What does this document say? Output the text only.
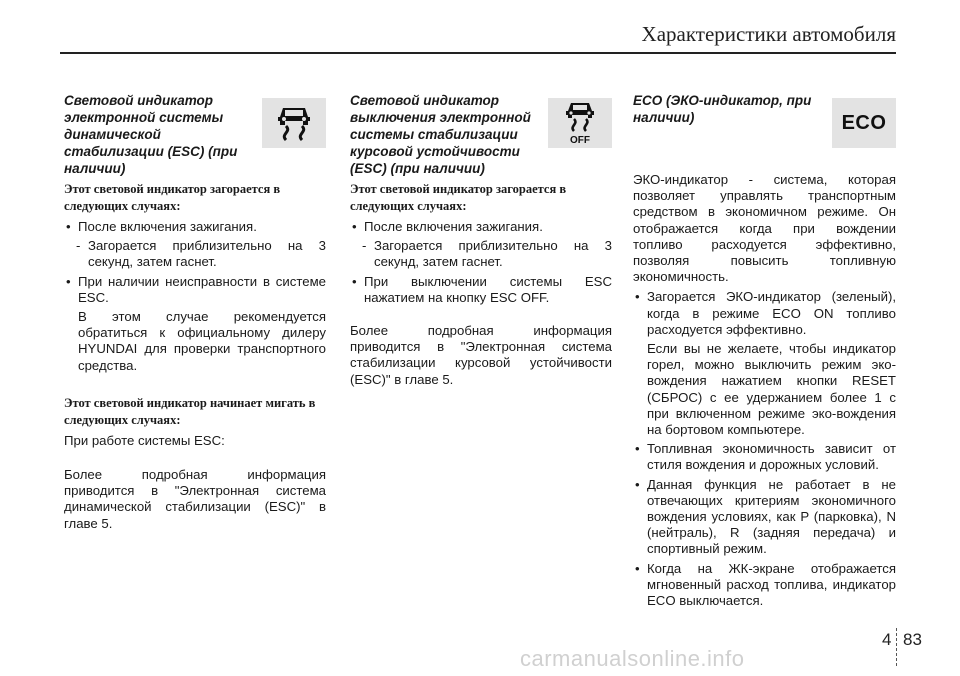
Характеристики автомобиля

Световой индикатор электронной системы динамической стабилизации (ESC) (при наличии)

Этот световой индикатор загорается в следующих случаях:

• После включения зажигания.

- Загорается приблизительно на 3 секунд, затем гаснет.

• При наличии неисправности в системе ESC.

В этом случае рекомендуется обратиться к официальному дилеру HYUNDAI для проверки транспортного средства.

Этот световой индикатор начинает мигать в следующих случаях:

При работе системы ESC:

Более подробная информация приводится в "Электронная система динамической стабилизации (ESC)" в главе 5.

Световой индикатор выключения электронной системы стабилизации курсовой устойчивости (ESC) (при наличии)

OFF

Этот световой индикатор загорается в следующих случаях:

• После включения зажигания.

- Загорается приблизительно на 3 секунд, затем гаснет.

• При выключении системы ESC нажатием на кнопку ESC OFF.

Более подробная информация приводится в "Электронная система стабилизации курсовой устойчивости (ESC)" в главе 5.

ECO (ЭКО-индикатор, при наличии)	ECO

ЭКО-индикатор - система, которая позволяет управлять транспортным средством в экономичном режиме. Он отображается когда при вождении топливо расходуется эффективно, позволяя повысить топливную экономичность.

• Загорается ЭКО-индикатор (зеленый), когда в режиме ECO ON топливо расходуется эффективно.

Если вы не желаете, чтобы индикатор горел, можно выключить режим эко-вождения нажатием кнопки RESET (СБРОС) с ее удержанием более 1 с при включенном режиме эко-вождения на бортовом компьютере.

• Топливная экономичность зависит от стиля вождения и дорожных условий.
• Данная функция не работает в не отвечающих критериям экономичного вождения условиях, как P (парковка), N (нейтраль), R (задняя передача) и спортивный режим.
• Когда на ЖК-экране отображается мгновенный расход топлива, индикатор ECO выключается.
4 83
carmanualsonline.info
